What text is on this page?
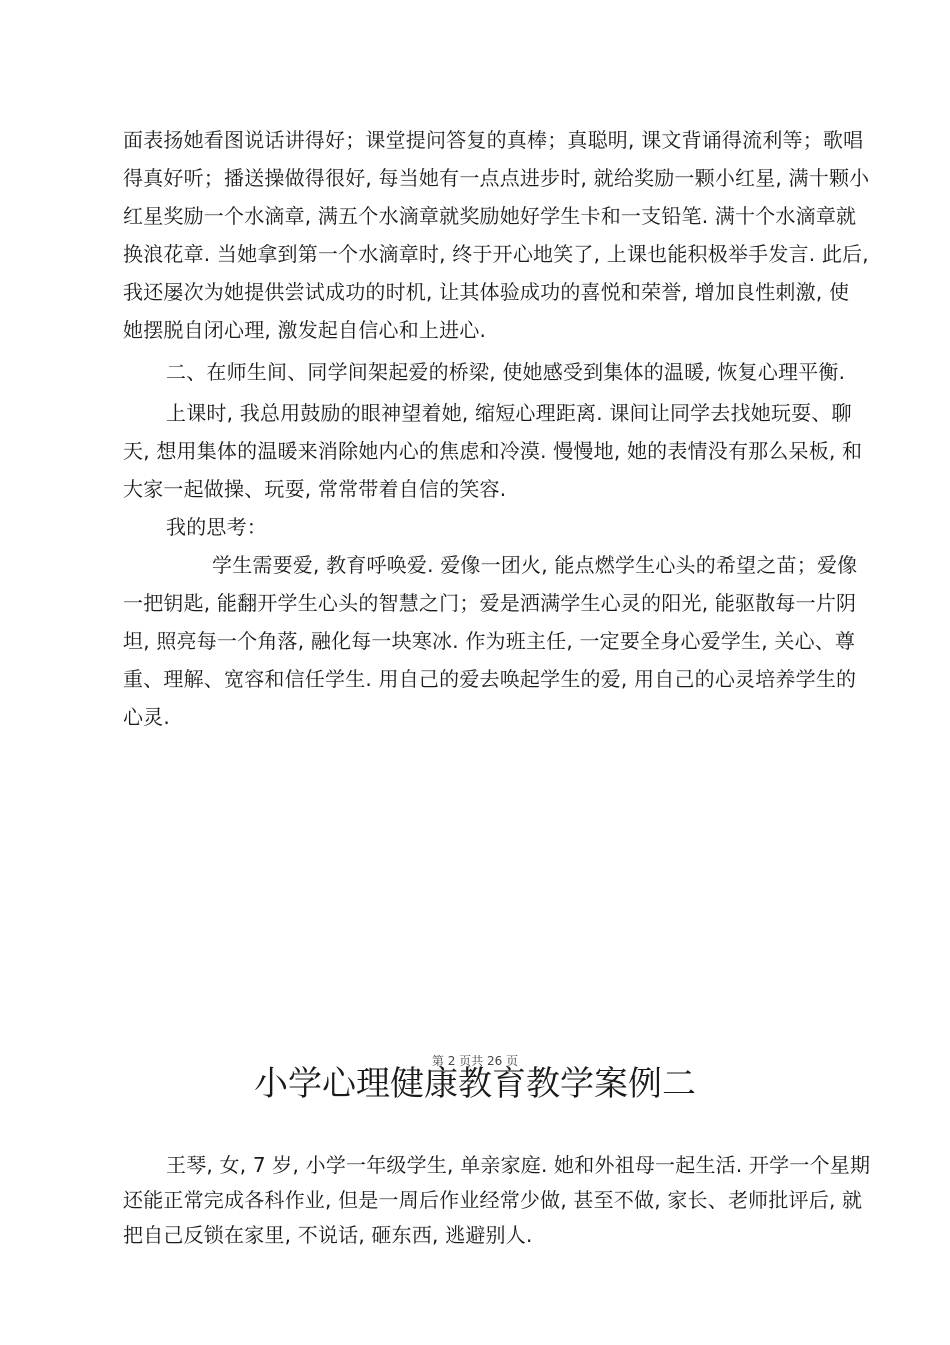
面表扬她看图说话讲得好；课堂提问答复的真棒；真聪明, 课文背诵得流利等；歌唱
得真好听；播送操做得很好, 每当她有一点点进步时, 就给奖励一颗小红星, 满十颗小
红星奖励一个水滴章, 满五个水滴章就奖励她好学生卡和一支铅笔. 满十个水滴章就
换浪花章. 当她拿到第一个水滴章时, 终于开心地笑了, 上课也能积极举手发言. 此后,
我还屡次为她提供尝试成功的时机, 让其体验成功的喜悦和荣誉, 增加良性刺激, 使
她摆脱自闭心理, 激发起自信心和上进心.
二、在师生间、同学间架起爱的桥梁, 使她感受到集体的温暖, 恢复心理平衡.
上课时, 我总用鼓励的眼神望着她, 缩短心理距离. 课间让同学去找她玩耍、聊
天, 想用集体的温暖来消除她内心的焦虑和冷漠. 慢慢地, 她的表情没有那么呆板, 和
大家一起做操、玩耍, 常常带着自信的笑容.
我的思考：
学生需要爱, 教育呼唤爱. 爱像一团火, 能点燃学生心头的希望之苗；爱像
一把钥匙, 能翻开学生心头的智慧之门；爱是洒满学生心灵的阳光, 能驱散每一片阴
坦, 照亮每一个角落, 融化每一块寒冰. 作为班主任, 一定要全身心爱学生, 关心、尊
重、理解、宽容和信任学生. 用自己的爱去唤起学生的爱, 用自己的心灵培养学生的
心灵.
第 2 页共 26 页
小学心理健康教育教学案例二
王琴, 女, 7 岁, 小学一年级学生, 单亲家庭. 她和外祖母一起生活. 开学一个星期
还能正常完成各科作业, 但是一周后作业经常少做, 甚至不做, 家长、老师批评后, 就
把自己反锁在家里, 不说话, 砸东西, 逃避别人.
